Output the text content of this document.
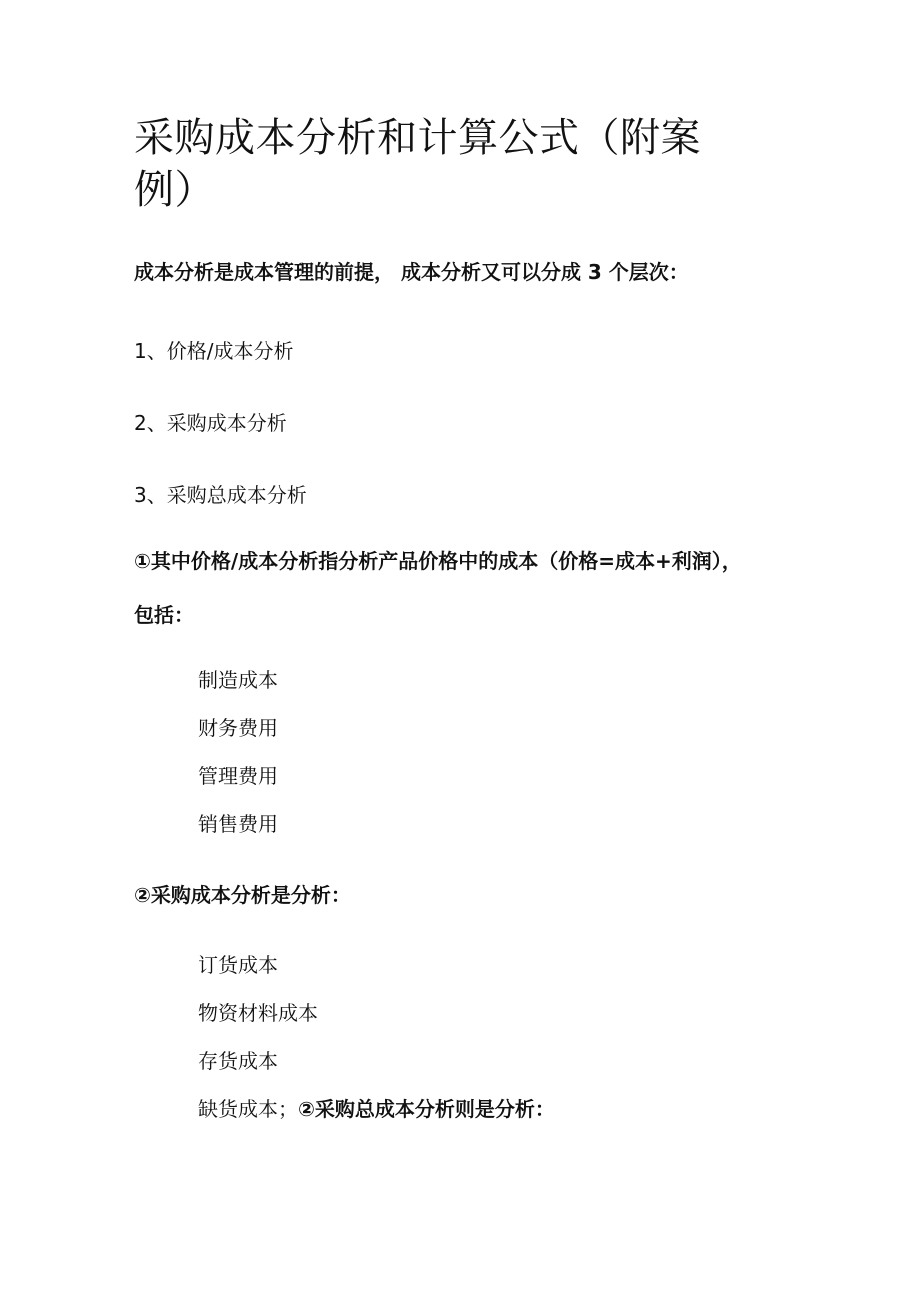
采购成本分析和计算公式（附案例）

成本分析是成本管理的前提， 成本分析又可以分成 3 个层次：

1、价格/成本分析

2、采购成本分析

3、采购总成本分析

①其中价格/成本分析指分析产品价格中的成本（价格=成本+利润），包括：

制造成本

财务费用

管理费用

销售费用

②采购成本分析是分析：

订货成本

物资材料成本

存货成本

缺货成本；②采购总成本分析则是分析：
